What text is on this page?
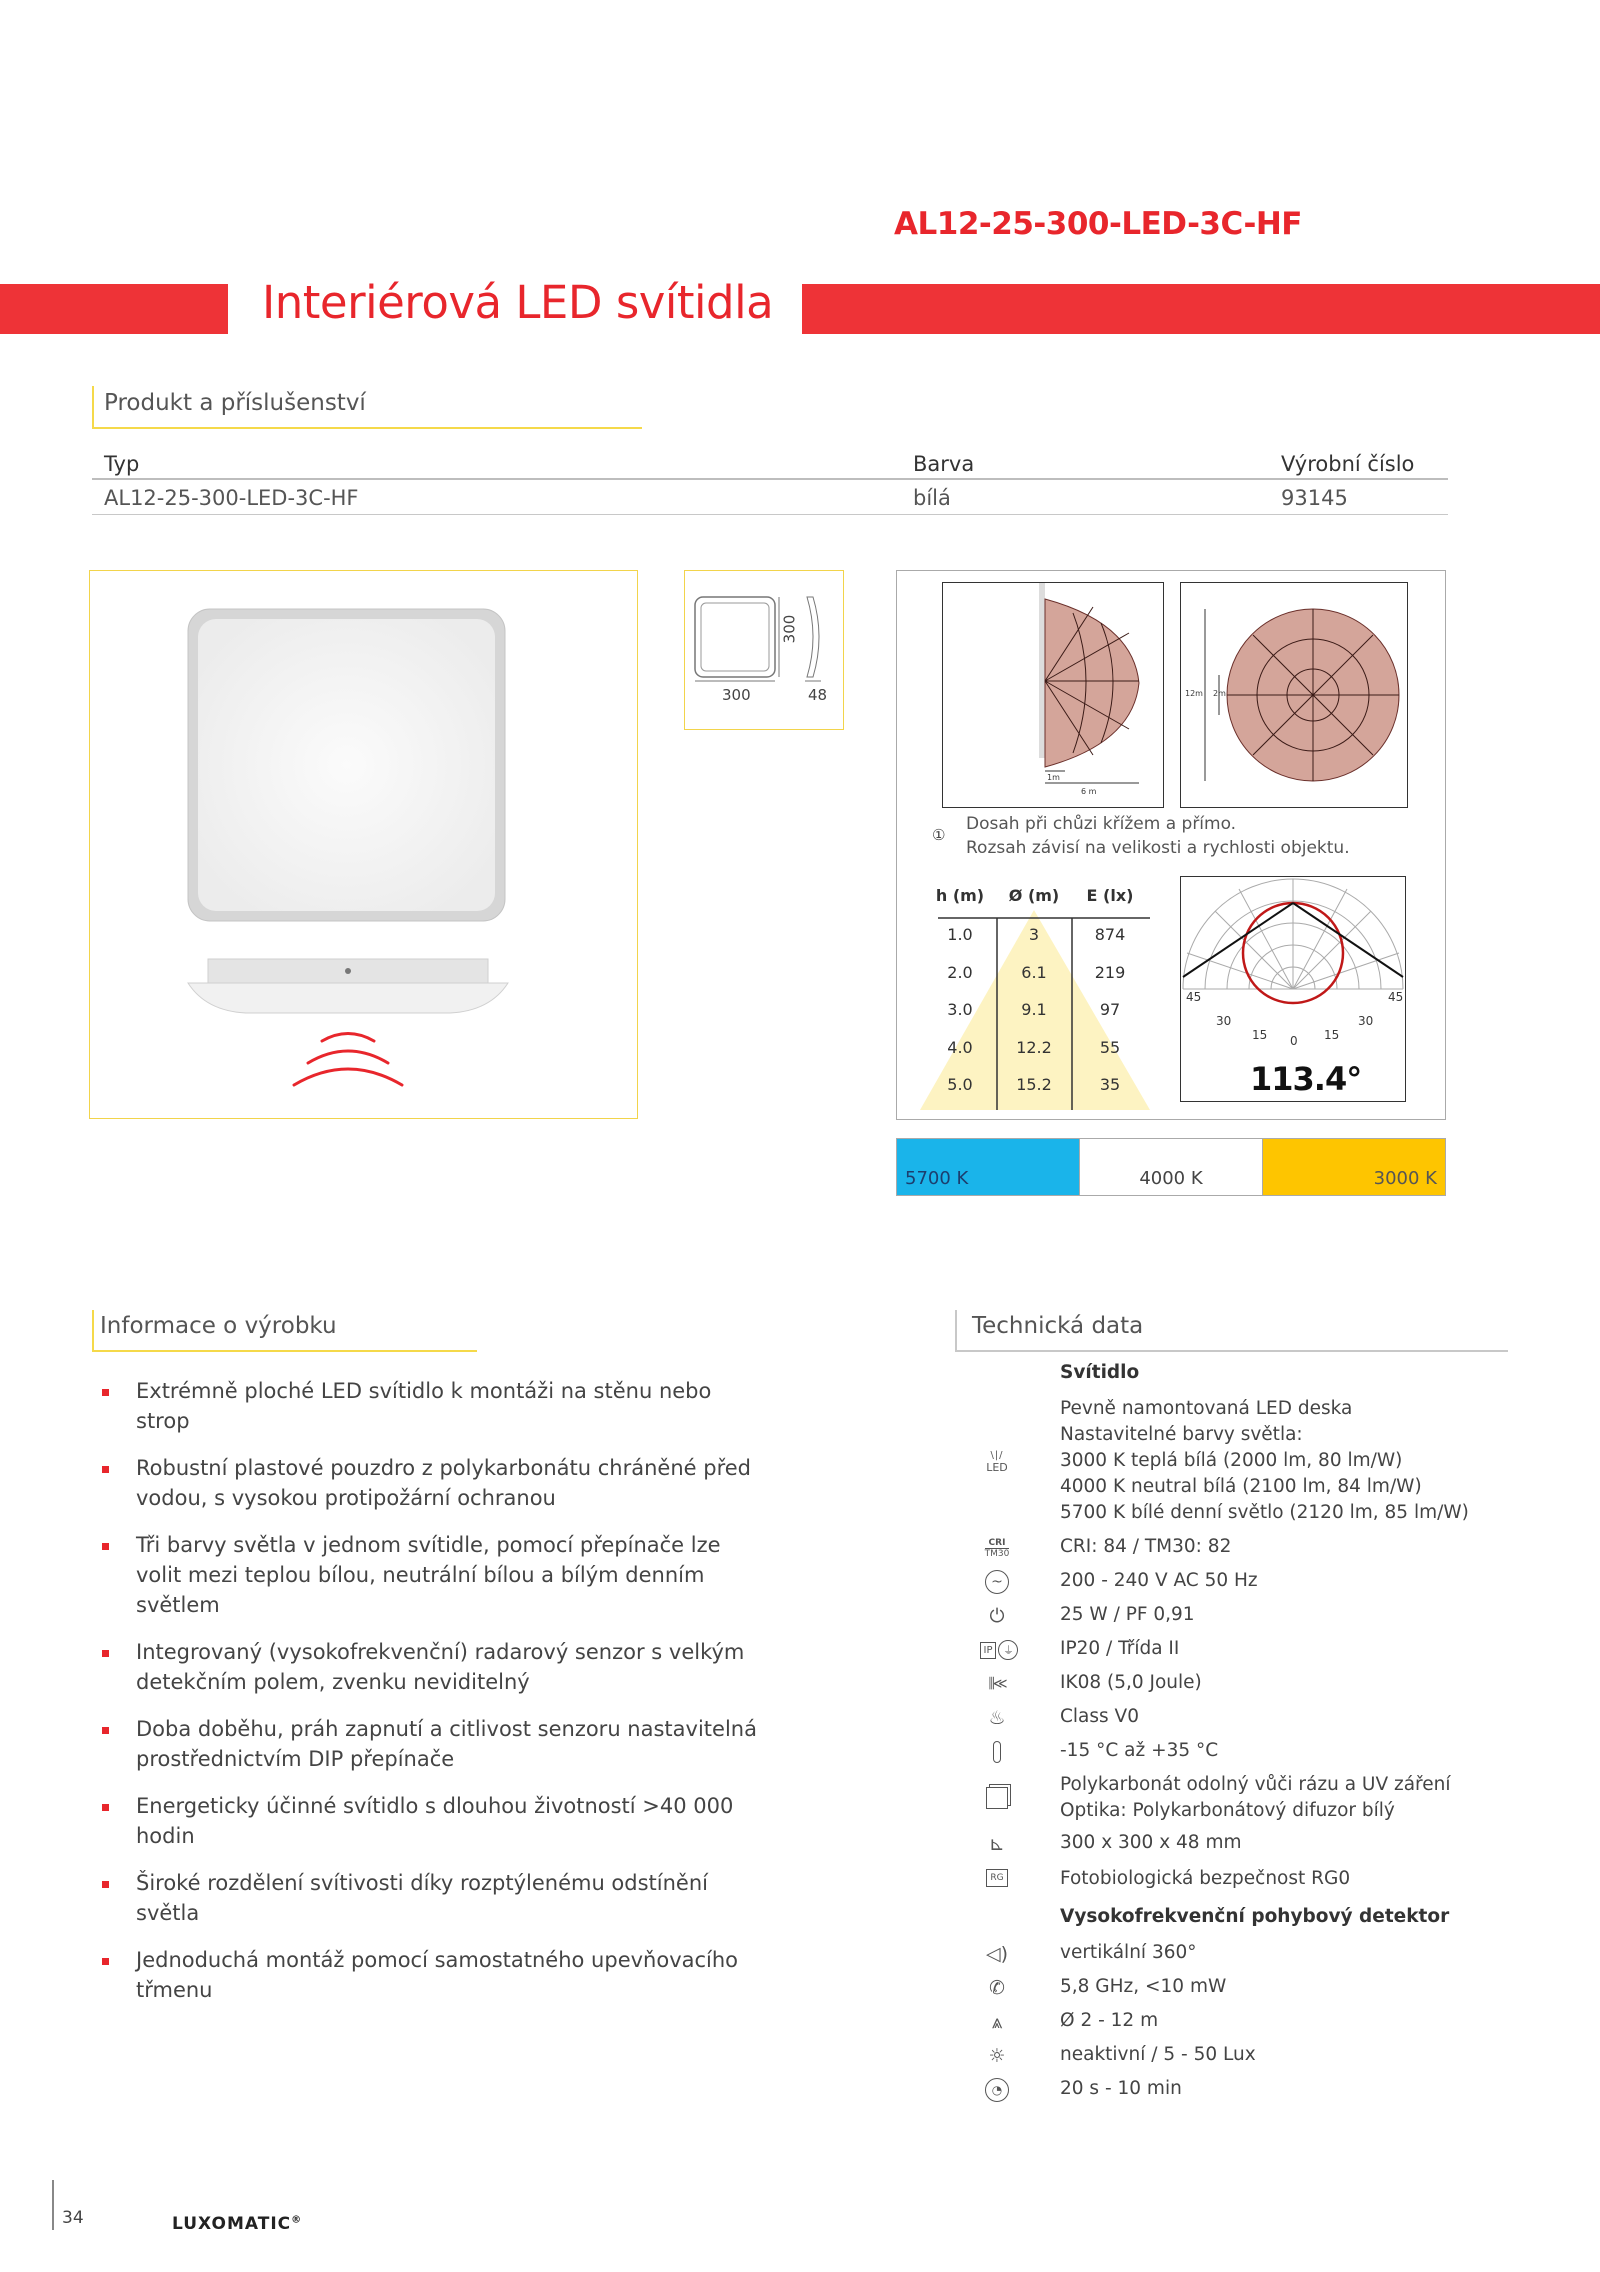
AL12-25-300-LED-3C-HF
Interiérová LED svítidla
Produkt a příslušenství
Typ	Barva	Výrobní číslo
AL12-25-300-LED-3C-HF	bílá	93145
300
300	48
1m
6 m
12m 2m
①
Dosah při chůzi křížem a přímo.
Rozsah závisí na velikosti a rychlosti objektu.
h (m)	Ø (m)	E (lx)
1.0	3	874
2.0	6.1	219
3.0	9.1	97
4.0	12.2	55
5.0	15.2	35
45
30
15 0 15
30
45
113.4°
5700 K	4000 K	3000 K
Informace o výrobku
Extrémně ploché LED svítidlo k montáži na stěnu nebo strop
Robustní plastové pouzdro z polykarbonátu chráněné před vodou, s vysokou protipožární ochranou
Tři barvy světla v jednom svítidle, pomocí přepínače lze volit mezi teplou bílou, neutrální bílou a bílým denním světlem
Integrovaný (vysokofrekvenční) radarový senzor s velkým detekčním polem, zvenku neviditelný
Doba doběhu, práh zapnutí a citlivost senzoru nastavitelná prostřednictvím DIP přepínače
Energeticky účinné svítidlo s dlouhou životností >40 000 hodin
Široké rozdělení svítivosti díky rozptýlenému odstínění světla
Jednoduchá montáž pomocí samostatného upevňovacího třmenu
Technická data
Svítidlo
Pevně namontovaná LED deska
Nastavitelné barvy světla:
3000 K teplá bílá (2000 lm, 80 lm/W)
4000 K neutral bílá (2100 lm, 84 lm/W)
5700 K bílé denní světlo (2120 lm, 85 lm/W)
\|/
LED
CRI
TM30	CRI: 84 / TM30: 82
~	200 - 240 V AC 50 Hz
⏻	25 W / PF 0,91
IP ⏚ IP20 / Třída II
⫼≪	IK08 (5,0 Joule)
♨	Class V0
-15 °C až +35 °C
Polykarbonát odolný vůči rázu a UV záření
Optika: Polykarbonátový difuzor bílý
⊾	300 x 300 x 48 mm
RG	Fotobiologická bezpečnost RG0
Vysokofrekvenční pohybový detektor
◁)	vertikální 360°
✆	5,8 GHz, <10 mW
⩓	Ø 2 - 12 m
☼	neaktivní / 5 - 50 Lux
◔	20 s - 10 min
34	LUXOMATIC®
